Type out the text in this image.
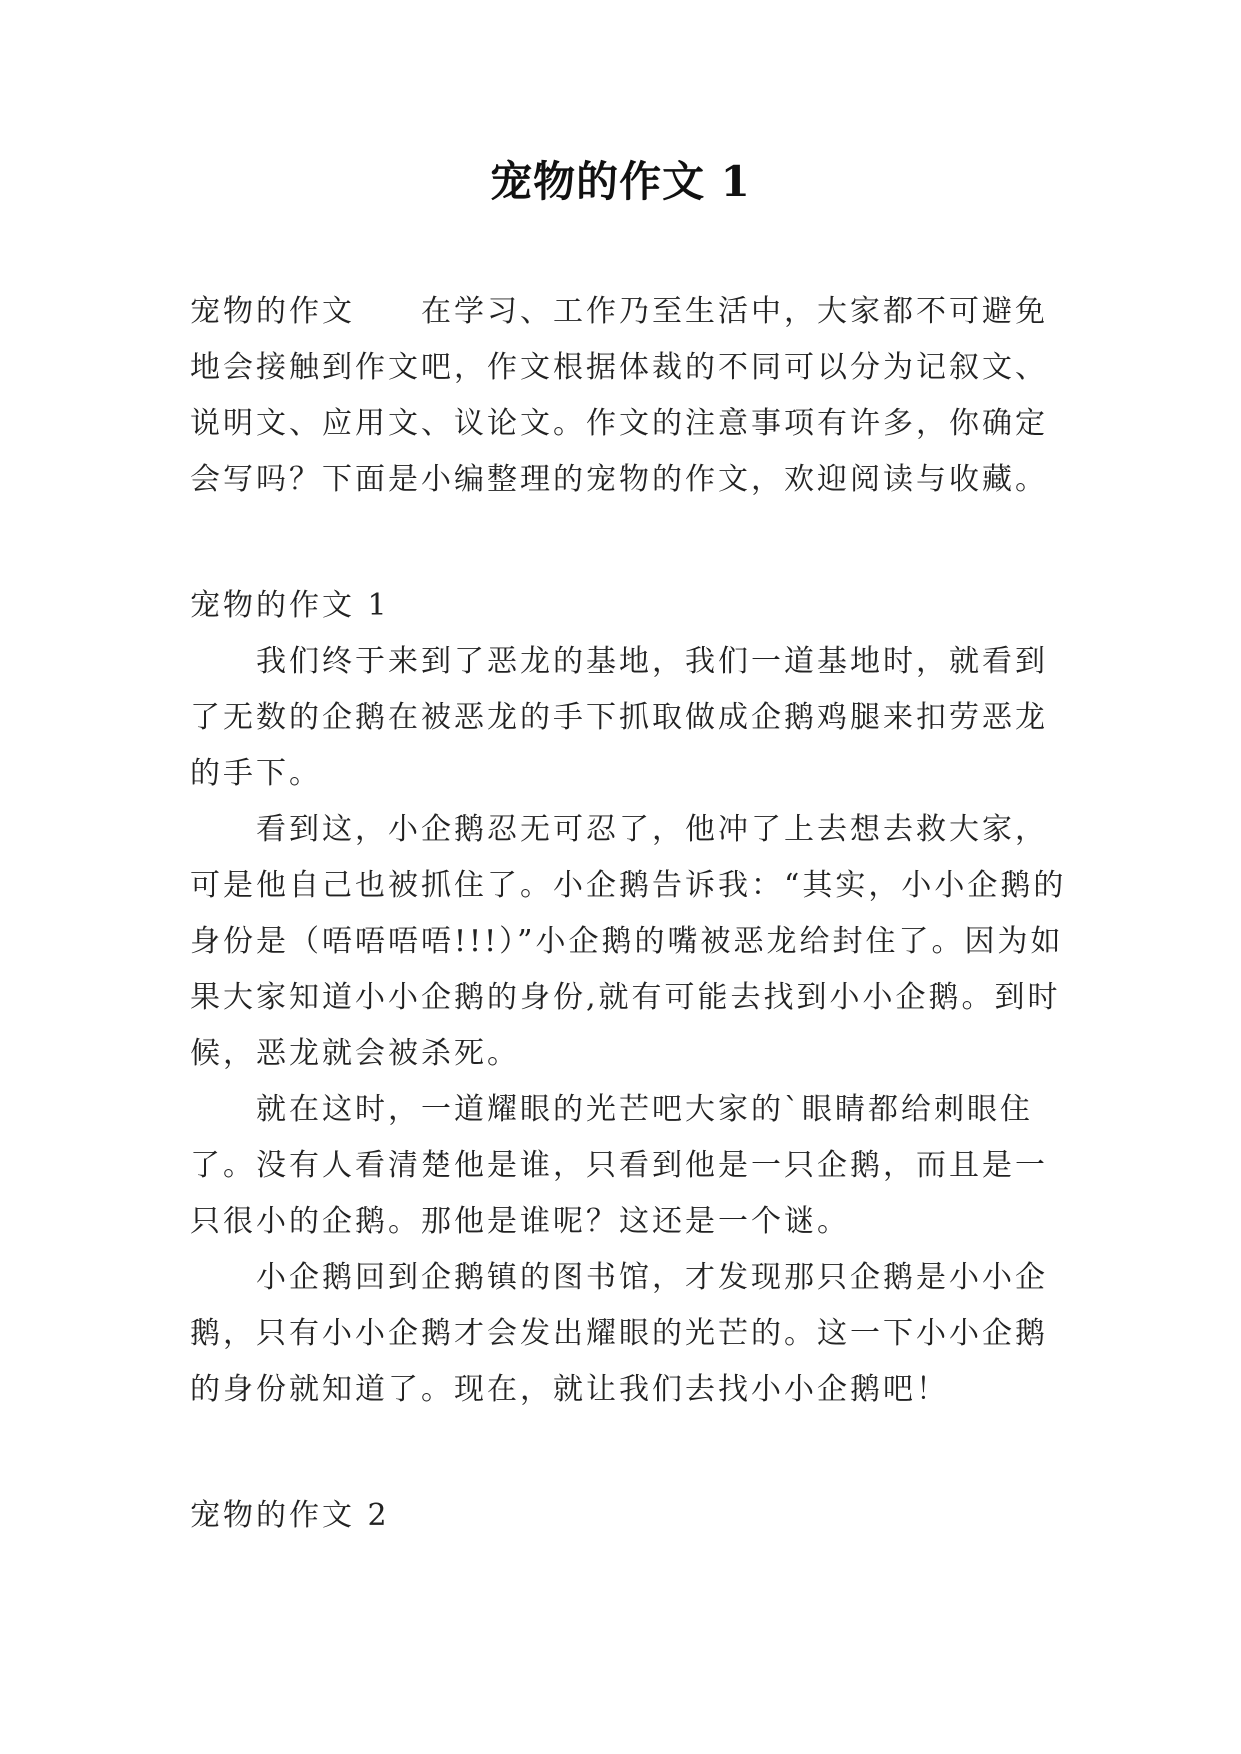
宠物的作文 1

宠物的作文 在学习、工作乃至生活中，大家都不可避免地会接触到作文吧，作文根据体裁的不同可以分为记叙文、说明文、应用文、议论文。作文的注意事项有许多，你确定会写吗？下面是小编整理的宠物的作文，欢迎阅读与收藏。

宠物的作文 1

我们终于来到了恶龙的基地，我们一道基地时，就看到了无数的企鹅在被恶龙的手下抓取做成企鹅鸡腿来扣劳恶龙的手下。

看到这，小企鹅忍无可忍了，他冲了上去想去救大家，可是他自己也被抓住了。小企鹅告诉我：“其实，小小企鹅的身份是（唔唔唔唔!!!）”小企鹅的嘴被恶龙给封住了。因为如果大家知道小小企鹅的身份,就有可能去找到小小企鹅。到时候，恶龙就会被杀死。

就在这时，一道耀眼的光芒吧大家的`眼睛都给刺眼住了。没有人看清楚他是谁，只看到他是一只企鹅，而且是一只很小的企鹅。那他是谁呢？这还是一个谜。

小企鹅回到企鹅镇的图书馆，才发现那只企鹅是小小企鹅，只有小小企鹅才会发出耀眼的光芒的。这一下小小企鹅的身份就知道了。现在，就让我们去找小小企鹅吧！

宠物的作文 2
